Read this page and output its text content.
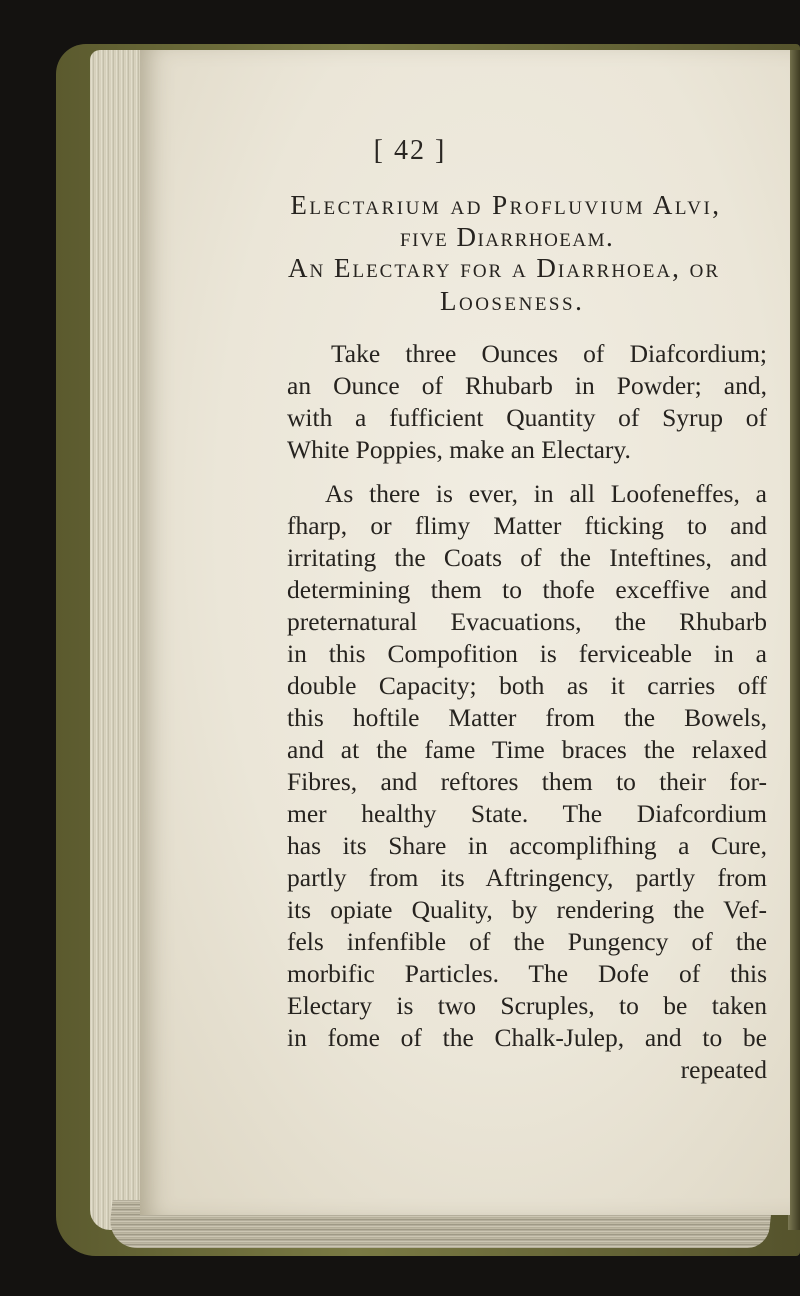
[ 42 ]
Electarium ad Profluvium Alvi,
five Diarrhoeam.
An Electary for a Diarrhoea, or
Looseness.
Take three Ounces of Diafcordium;
an Ounce of Rhubarb in Powder; and,
with a fufficient Quantity of Syrup of
White Poppies, make an Electary.
As there is ever, in all Loofeneffes, a
fharp, or flimy Matter fticking to and
irritating the Coats of the Inteftines, and
determining them to thofe exceffive and
preternatural Evacuations, the Rhubarb
in this Compofition is ferviceable in a
double Capacity; both as it carries off
this hoftile Matter from the Bowels,
and at the fame Time braces the relaxed
Fibres, and reftores them to their for-
mer healthy State. The Diafcordium
has its Share in accomplifhing a Cure,
partly from its Aftringency, partly from
its opiate Quality, by rendering the Vef-
fels infenfible of the Pungency of the
morbific Particles. The Dofe of this
Electary is two Scruples, to be taken
in fome of the Chalk-Julep, and to be
repeated
